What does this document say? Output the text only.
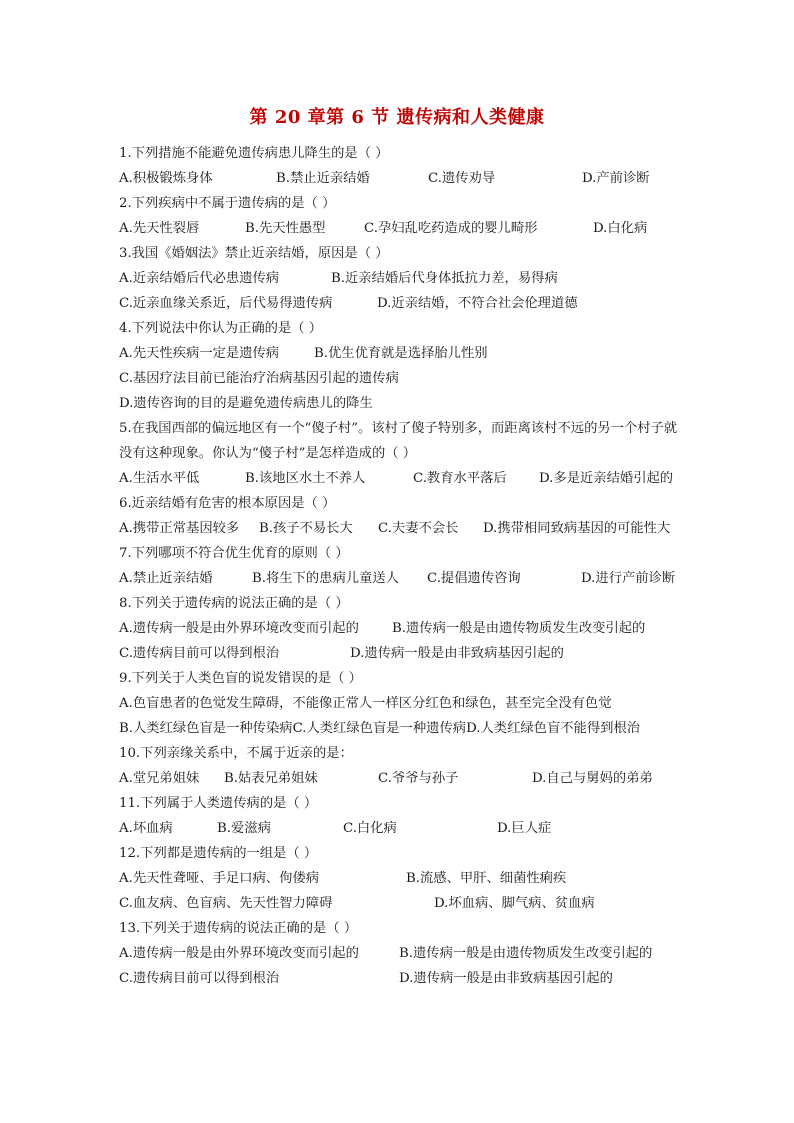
第 20 章第 6 节 遗传病和人类健康
1.下列措施不能避免遗传病患儿降生的是（ ）
A.积极锻炼身体	B.禁止近亲结婚	C.遗传劝导	D.产前诊断
2.下列疾病中不属于遗传病的是（ ）
A.先天性裂唇	B.先天性愚型	C.孕妇乱吃药造成的婴儿畸形	D.白化病
3.我国《婚姻法》禁止近亲结婚，原因是（ ）
A.近亲结婚后代必患遗传病	B.近亲结婚后代身体抵抗力差，易得病
C.近亲血缘关系近，后代易得遗传病	D.近亲结婚，不符合社会伦理道德
4.下列说法中你认为正确的是（ ）
A.先天性疾病一定是遗传病	B.优生优育就是选择胎儿性别
C.基因疗法目前已能治疗治病基因引起的遗传病
D.遗传咨询的目的是避免遗传病患儿的降生
5.在我国西部的偏远地区有一个“傻子村”。该村了傻子特别多，而距离该村不远的另一个村子就没有这种现象。你认为“傻子村”是怎样造成的（ ）
A.生活水平低	B.该地区水土不养人	C.教育水平落后	D.多是近亲结婚引起的
6.近亲结婚有危害的根本原因是（ ）
A.携带正常基因较多	B.孩子不易长大	C.夫妻不会长	D.携带相同致病基因的可能性大
7.下列哪项不符合优生优育的原则（ ）
A.禁止近亲结婚	B.将生下的患病儿童送人	C.提倡遗传咨询	D.进行产前诊断
8.下列关于遗传病的说法正确的是（ ）
A.遗传病一般是由外界环境改变而引起的	B.遗传病一般是由遗传物质发生改变引起的
C.遗传病目前可以得到根治	D.遗传病一般是由非致病基因引起的
9.下列关于人类色盲的说发错误的是（ ）
A.色盲患者的色觉发生障碍，不能像正常人一样区分红色和绿色，甚至完全没有色觉
B.人类红绿色盲是一种传染病 C.人类红绿色盲是一种遗传病 D.人类红绿色盲不能得到根治
10.下列亲缘关系中，不属于近亲的是：
A.堂兄弟姐妹	B.姑表兄弟姐妹	C.爷爷与孙子	D.自己与舅妈的弟弟
11.下列属于人类遗传病的是（ ）
A.坏血病	B.爱滋病	C.白化病	D.巨人症
12.下列都是遗传病的一组是（ ）
A.先天性聋哑、手足口病、佝偻病	B.流感、甲肝、细菌性痢疾
C.血友病、色盲病、先天性智力障碍	D.坏血病、脚气病、贫血病
13.下列关于遗传病的说法正确的是（ ）
A.遗传病一般是由外界环境改变而引起的	B.遗传病一般是由遗传物质发生改变引起的
C.遗传病目前可以得到根治	D.遗传病一般是由非致病基因引起的
